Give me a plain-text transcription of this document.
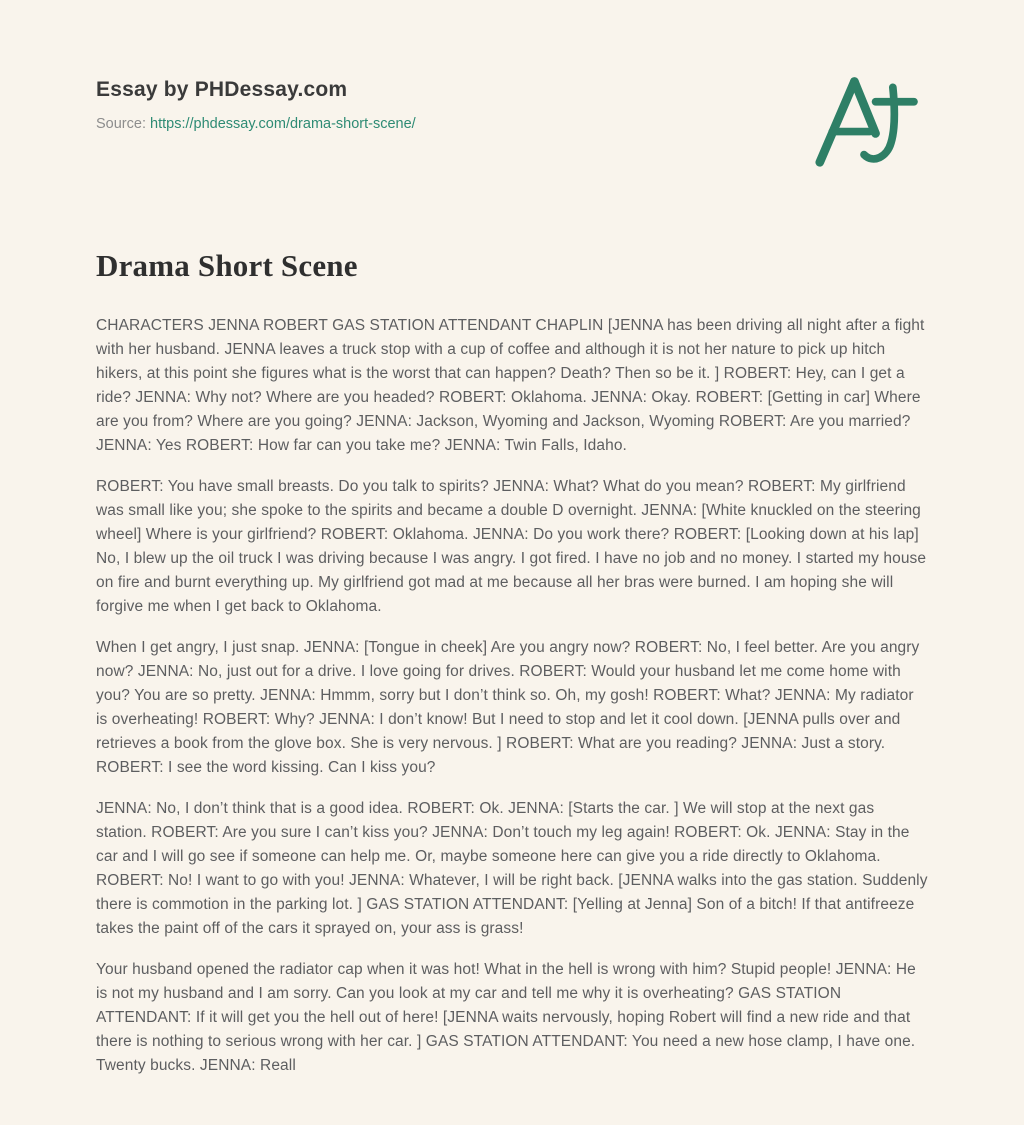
Essay by PHDessay.com
Source: https://phdessay.com/drama-short-scene/
Drama Short Scene

CHARACTERS JENNA ROBERT GAS STATION ATTENDANT CHAPLIN [JENNA has been driving all night after a fight with her husband. JENNA leaves a truck stop with a cup of coffee and although it is not her nature to pick up hitch hikers, at this point she figures what is the worst that can happen? Death? Then so be it. ] ROBERT: Hey, can I get a ride? JENNA: Why not? Where are you headed? ROBERT: Oklahoma. JENNA: Okay. ROBERT: [Getting in car] Where are you from? Where are you going? JENNA: Jackson, Wyoming and Jackson, Wyoming ROBERT: Are you married? JENNA: Yes ROBERT: How far can you take me? JENNA: Twin Falls, Idaho.

ROBERT: You have small breasts. Do you talk to spirits? JENNA: What? What do you mean? ROBERT: My girlfriend was small like you; she spoke to the spirits and became a double D overnight. JENNA: [White knuckled on the steering wheel] Where is your girlfriend? ROBERT: Oklahoma. JENNA: Do you work there? ROBERT: [Looking down at his lap] No, I blew up the oil truck I was driving because I was angry. I got fired. I have no job and no money. I started my house on fire and burnt everything up. My girlfriend got mad at me because all her bras were burned. I am hoping she will forgive me when I get back to Oklahoma.

When I get angry, I just snap. JENNA: [Tongue in cheek] Are you angry now? ROBERT: No, I feel better. Are you angry now? JENNA: No, just out for a drive. I love going for drives. ROBERT: Would your husband let me come home with you? You are so pretty. JENNA: Hmmm, sorry but I don’t think so. Oh, my gosh! ROBERT: What? JENNA: My radiator is overheating! ROBERT: Why? JENNA: I don’t know! But I need to stop and let it cool down. [JENNA pulls over and retrieves a book from the glove box. She is very nervous. ] ROBERT: What are you reading? JENNA: Just a story. ROBERT: I see the word kissing. Can I kiss you?

JENNA: No, I don’t think that is a good idea. ROBERT: Ok. JENNA: [Starts the car. ] We will stop at the next gas station. ROBERT: Are you sure I can’t kiss you? JENNA: Don’t touch my leg again! ROBERT: Ok. JENNA: Stay in the car and I will go see if someone can help me. Or, maybe someone here can give you a ride directly to Oklahoma. ROBERT: No! I want to go with you! JENNA: Whatever, I will be right back. [JENNA walks into the gas station. Suddenly there is commotion in the parking lot. ] GAS STATION ATTENDANT: [Yelling at Jenna] Son of a bitch! If that antifreeze takes the paint off of the cars it sprayed on, your ass is grass!

Your husband opened the radiator cap when it was hot! What in the hell is wrong with him? Stupid people! JENNA: He is not my husband and I am sorry. Can you look at my car and tell me why it is overheating? GAS STATION ATTENDANT: If it will get you the hell out of here! [JENNA waits nervously, hoping Robert will find a new ride and that there is nothing to serious wrong with her car. ] GAS STATION ATTENDANT: You need a new hose clamp, I have one. Twenty bucks. JENNA: Reall
